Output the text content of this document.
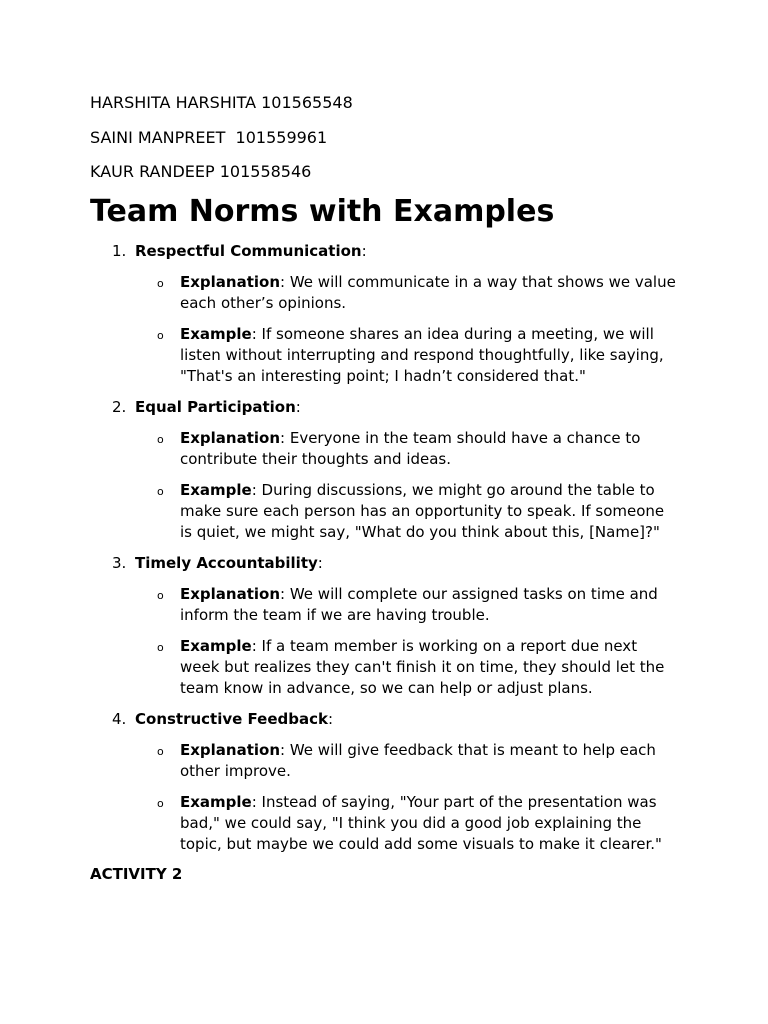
HARSHITA HARSHITA 101565548
SAINI MANPREET  101559961
KAUR RANDEEP 101558546
Team Norms with Examples
1. Respectful Communication:
o Explanation: We will communicate in a way that shows we value each other’s opinions.
o Example: If someone shares an idea during a meeting, we will listen without interrupting and respond thoughtfully, like saying, "That's an interesting point; I hadn’t considered that."
2. Equal Participation:
o Explanation: Everyone in the team should have a chance to contribute their thoughts and ideas.
o Example: During discussions, we might go around the table to make sure each person has an opportunity to speak. If someone is quiet, we might say, "What do you think about this, [Name]?"
3. Timely Accountability:
o Explanation: We will complete our assigned tasks on time and inform the team if we are having trouble.
o Example: If a team member is working on a report due next week but realizes they can't finish it on time, they should let the team know in advance, so we can help or adjust plans.
4. Constructive Feedback:
o Explanation: We will give feedback that is meant to help each other improve.
o Example: Instead of saying, "Your part of the presentation was bad," we could say, "I think you did a good job explaining the topic, but maybe we could add some visuals to make it clearer."
ACTIVITY 2
